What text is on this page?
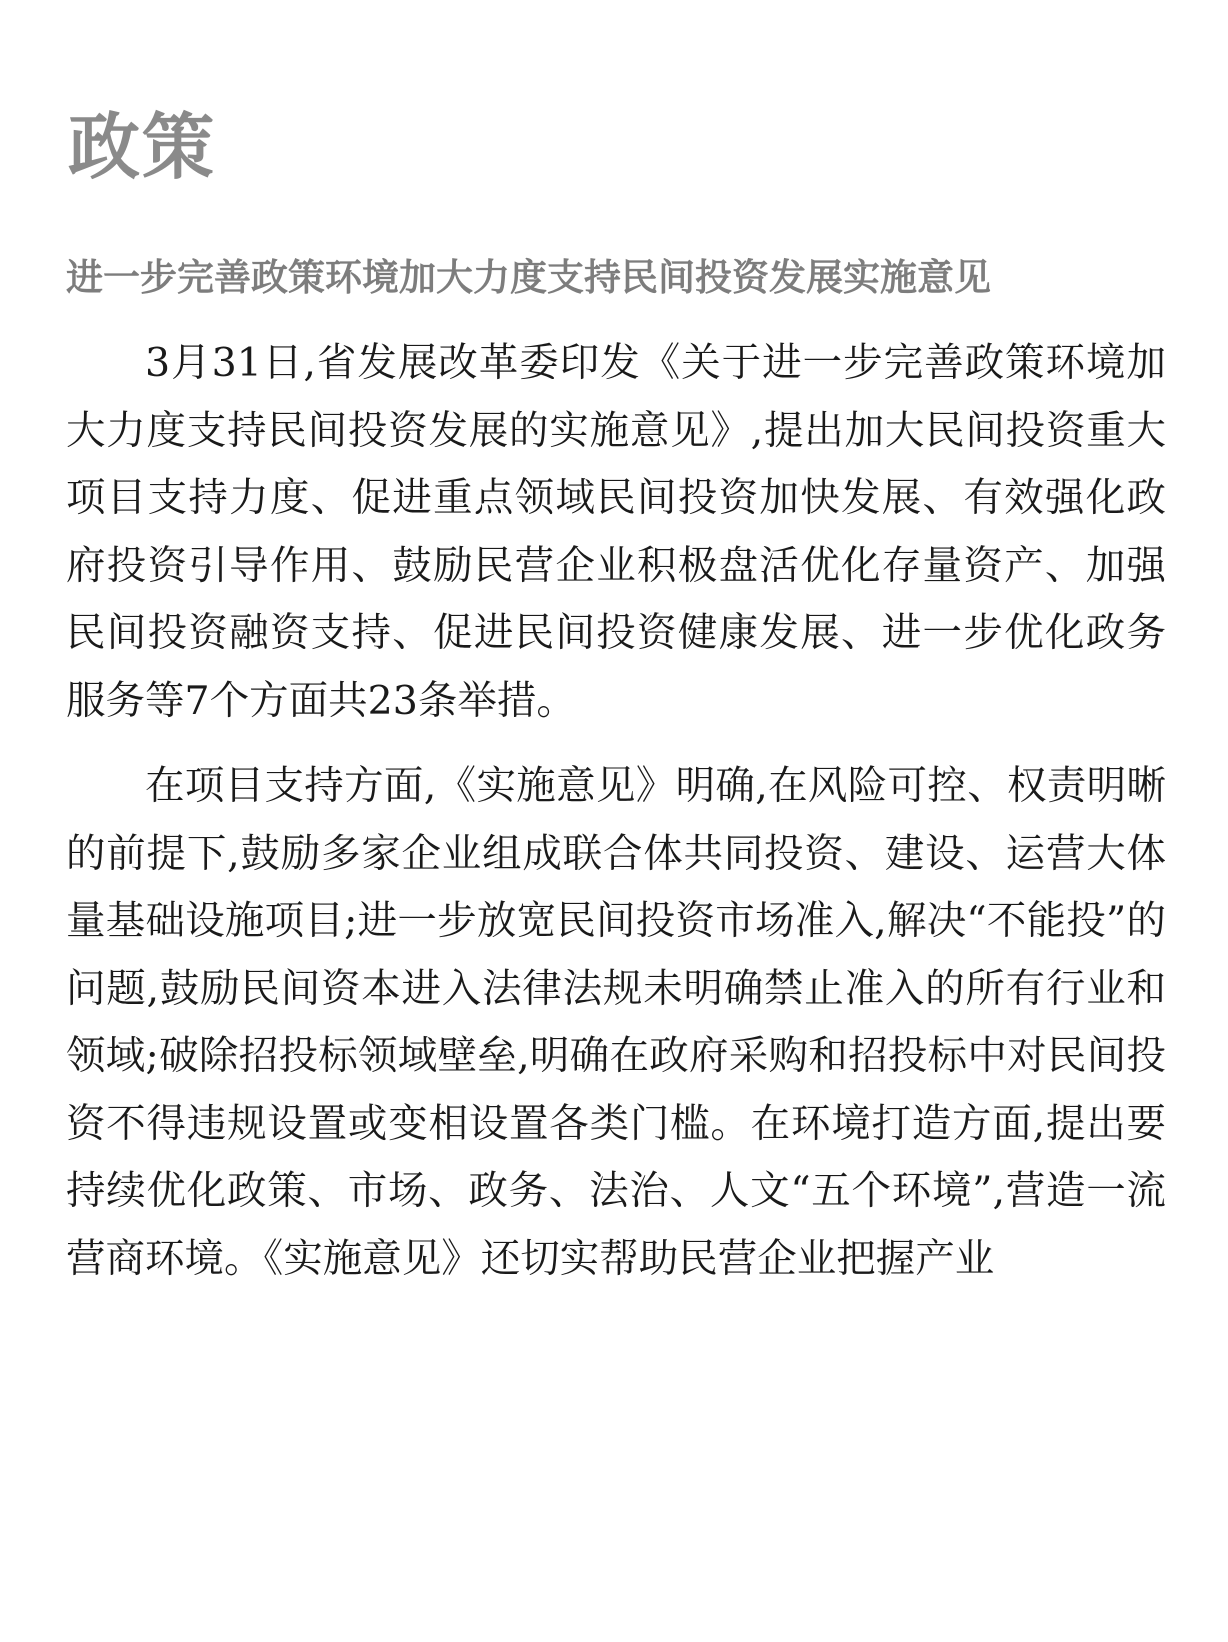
政策
进一步完善政策环境加大力度支持民间投资发展实施意见

3月31日,省发展改革委印发《关于进一步完善政策环境加大力度支持民间投资发展的实施意见》,提出加大民间投资重大项目支持力度、促进重点领域民间投资加快发展、有效强化政府投资引导作用、鼓励民营企业积极盘活优化存量资产、加强民间投资融资支持、促进民间投资健康发展、进一步优化政务服务等7个方面共23条举措。

在项目支持方面,《实施意见》明确,在风险可控、权责明晰的前提下,鼓励多家企业组成联合体共同投资、建设、运营大体量基础设施项目;进一步放宽民间投资市场准入,解决“不能投”的问题,鼓励民间资本进入法律法规未明确禁止准入的所有行业和领域;破除招投标领域壁垒,明确在政府采购和招投标中对民间投资不得违规设置或变相设置各类门槛。在环境打造方面,提出要持续优化政策、市场、政务、法治、人文“五个环境”,营造一流营商环境。《实施意见》还切实帮助民营企业把握产业
